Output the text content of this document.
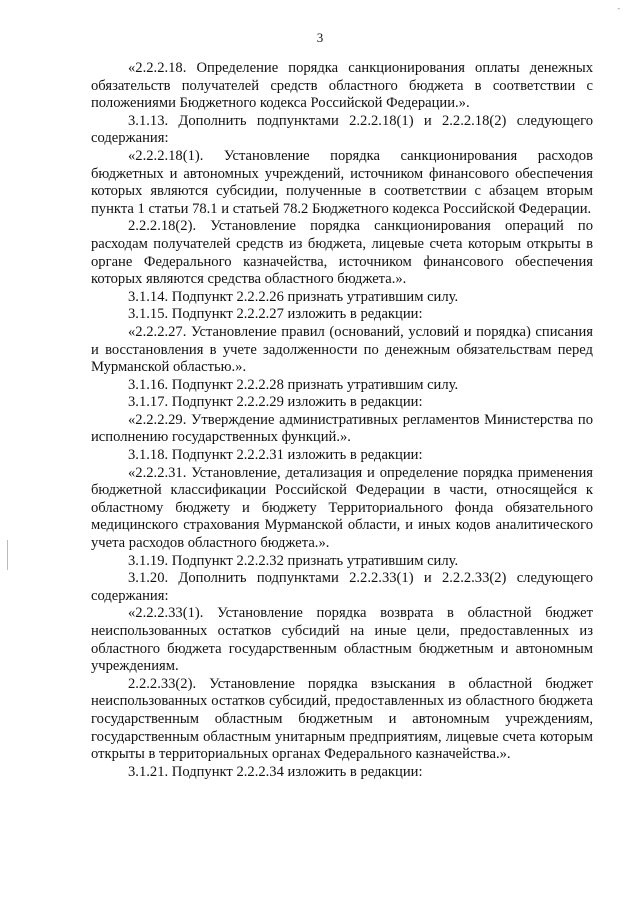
-
3

«2.2.2.18. Определение порядка санкционирования оплаты денежных обязательств получателей средств областного бюджета в соответствии с положениями Бюджетного кодекса Российской Федерации.».

3.1.13. Дополнить подпунктами 2.2.2.18(1) и 2.2.2.18(2) следующего содержания:

«2.2.2.18(1). Установление порядка санкционирования расходов бюджетных и автономных учреждений, источником финансового обеспечения которых являются субсидии, полученные в соответствии с абзацем вторым пункта 1 статьи 78.1 и статьей 78.2 Бюджетного кодекса Российской Федерации.

2.2.2.18(2). Установление порядка санкционирования операций по расходам получателей средств из бюджета, лицевые счета которым открыты в органе Федерального казначейства, источником финансового обеспечения которых являются средства областного бюджета.».

3.1.14. Подпункт 2.2.2.26 признать утратившим силу.

3.1.15. Подпункт 2.2.2.27 изложить в редакции:

«2.2.2.27. Установление правил (оснований, условий и порядка) списания и восстановления в учете задолженности по денежным обязательствам перед Мурманской областью.».

3.1.16. Подпункт 2.2.2.28 признать утратившим силу.

3.1.17. Подпункт 2.2.2.29 изложить в редакции:

«2.2.2.29. Утверждение административных регламентов Министерства по исполнению государственных функций.».

3.1.18. Подпункт 2.2.2.31 изложить в редакции:

«2.2.2.31. Установление, детализация и определение порядка применения бюджетной классификации Российской Федерации в части, относящейся к областному бюджету и бюджету Территориального фонда обязательного медицинского страхования Мурманской области, и иных кодов аналитического учета расходов областного бюджета.».

3.1.19. Подпункт 2.2.2.32 признать утратившим силу.

3.1.20. Дополнить подпунктами 2.2.2.33(1) и 2.2.2.33(2) следующего содержания:

«2.2.2.33(1). Установление порядка возврата в областной бюджет неиспользованных остатков субсидий на иные цели, предоставленных из областного бюджета государственным областным бюджетным и автономным учреждениям.

2.2.2.33(2). Установление порядка взыскания в областной бюджет неиспользованных остатков субсидий, предоставленных из областного бюджета государственным областным бюджетным и автономным учреждениям, государственным областным унитарным предприятиям, лицевые счета которым открыты в территориальных органах Федерального казначейства.».

3.1.21. Подпункт 2.2.2.34 изложить в редакции:
